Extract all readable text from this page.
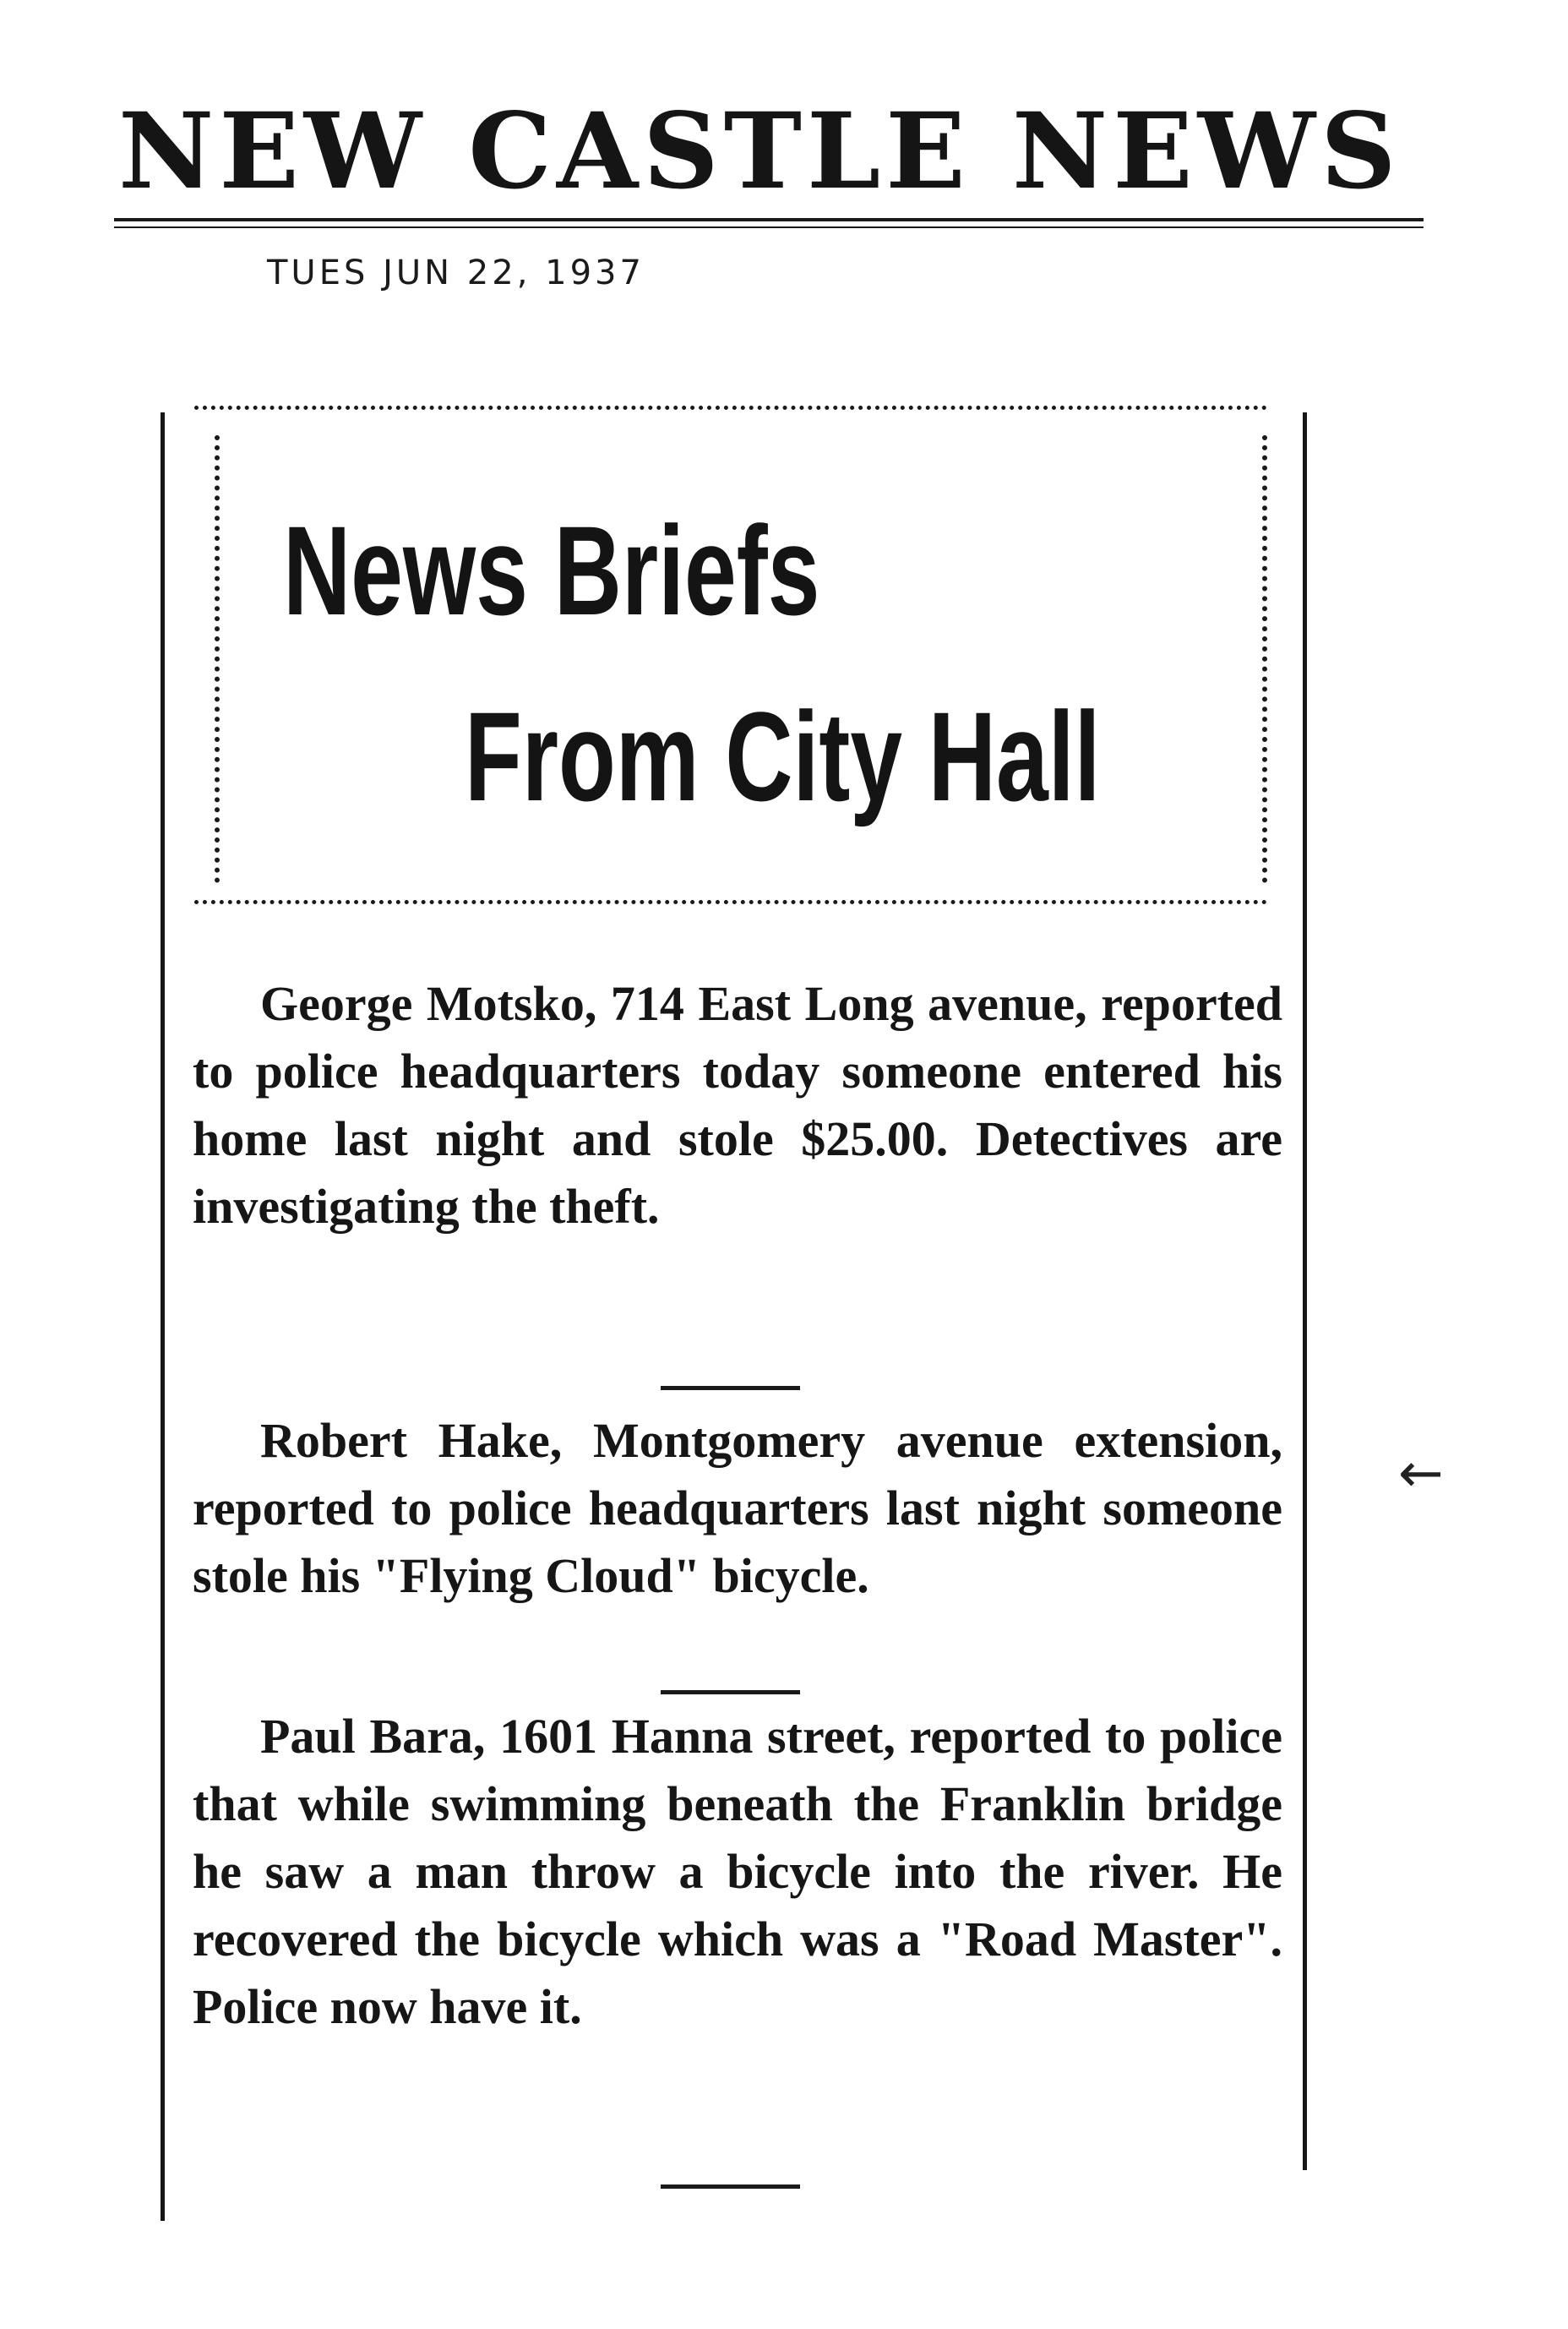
NEW CASTLE NEWS
TUES JUN 22, 1937
News Briefs
From City Hall

George Motsko, 714 East Long avenue, reported to police headquarters today someone entered his home last night and stole $25.00. Detectives are investigating the theft.

Robert Hake, Montgomery avenue extension, reported to police headquarters last night someone stole his "Flying Cloud" bicycle.

Paul Bara, 1601 Hanna street, reported to police that while swimming beneath the Franklin bridge he saw a man throw a bicycle into the river. He recovered the bicycle which was a "Road Master". Police now have it.

←
